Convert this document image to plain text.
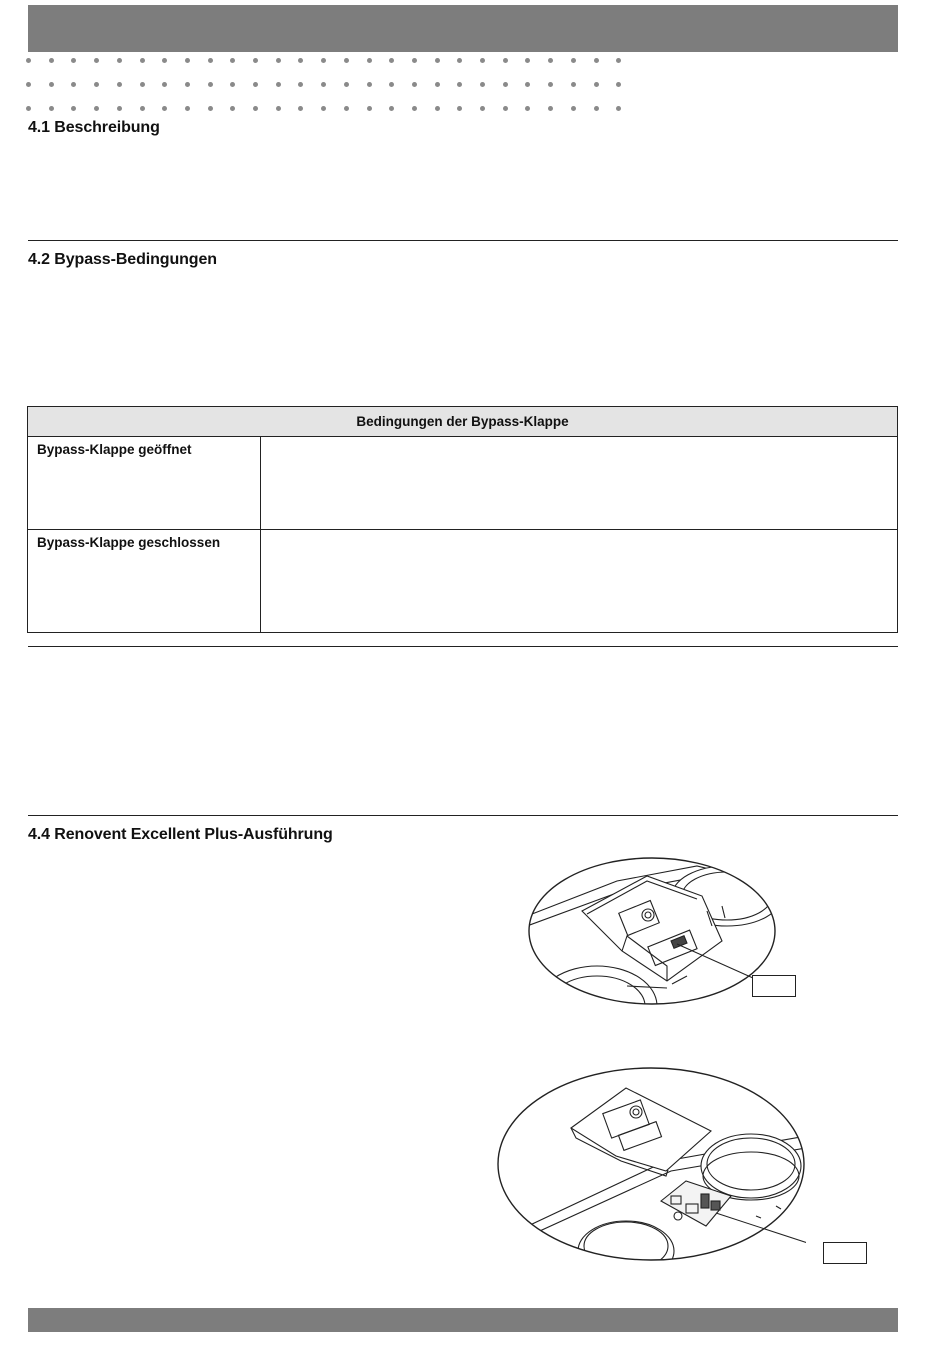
4.1 Beschreibung
4.2 Bypass-Bedingungen
Bedingungen der Bypass-Klappe	
Bypass-Klappe geöffnet	
Bypass-Klappe geschlossen	
4.4 Renovent Excellent Plus-Ausführung
